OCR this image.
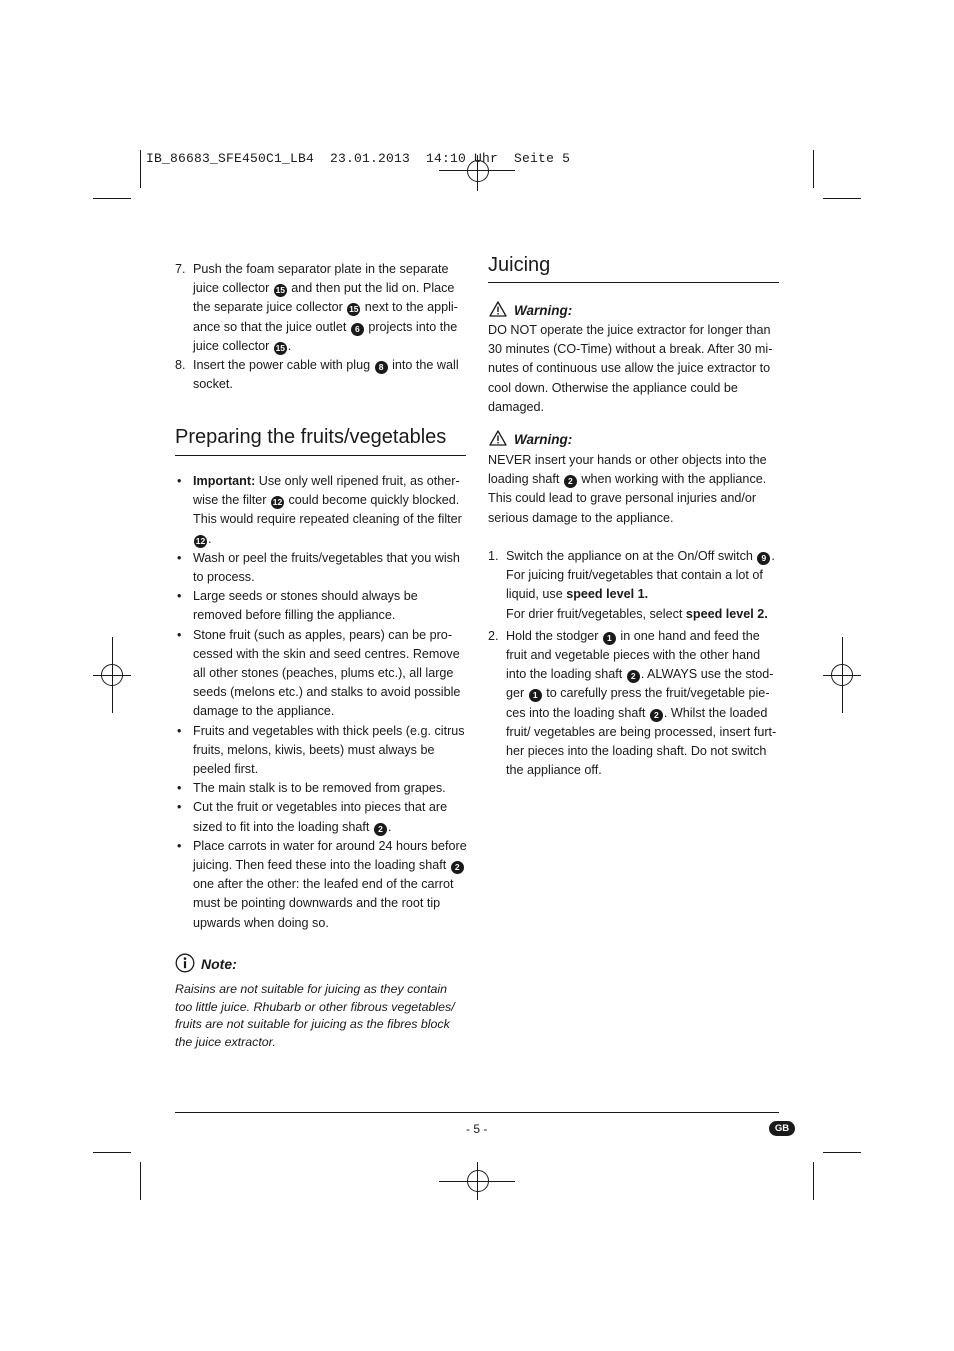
IB_86683_SFE450C1_LB4  23.01.2013  14:10 Uhr  Seite 5
7. Push the foam separator plate in the separate juice collector 15 and then put the lid on. Place the separate juice collector 15 next to the appli-ance so that the juice outlet 6 projects into the juice collector 15 .
8. Insert the power cable with plug 8 into the wall socket.
Preparing the fruits/vegetables
• Important: Use only well ripened fruit, as other-wise the filter 12 could become quickly blocked. This would require repeated cleaning of the filter 12 .
• Wash or peel the fruits/vegetables that you wish to process.
• Large seeds or stones should always be removed before filling the appliance.
• Stone fruit (such as apples, pears) can be pro-cessed with the skin and seed centres. Remove all other stones (peaches, plums etc.), all large seeds (melons etc.) and stalks to avoid possible damage to the appliance.
• Fruits and vegetables with thick peels (e.g. citrus fruits, melons, kiwis, beets) must always be peeled first.
• The main stalk is to be removed from grapes.
• Cut the fruit or vegetables into pieces that are sized to fit into the loading shaft 2 .
• Place carrots in water for around 24 hours before juicing. Then feed these into the loading shaft 2 one after the other: the leafed end of the carrot must be pointing downwards and the root tip upwards when doing so.
Note:
Raisins are not suitable for juicing as they contain too little juice. Rhubarb or other fibrous vegetables/ fruits are not suitable for juicing as the fibres block the juice extractor.
Juicing
Warning:

DO NOT operate the juice extractor for longer than 30 minutes (CO-Time) without a break. After 30 mi-nutes of continuous use allow the juice extractor to cool down. Otherwise the appliance could be damaged.

Warning:

NEVER insert your hands or other objects into the loading shaft 2 when working with the appliance. This could lead to grave personal injuries and/or serious damage to the appliance.

1. Switch the appliance on at the On/Off switch 9 . For juicing fruit/vegetables that contain a lot of liquid, use speed level 1.
For drier fruit/vegetables, select speed level 2.
2. Hold the stodger 1 in one hand and feed the fruit and vegetable pieces with the other hand into the loading shaft 2 . ALWAYS use the stod-ger 1 to carefully press the fruit/vegetable pie-ces into the loading shaft 2 . Whilst the loaded fruit/ vegetables are being processed, insert furt-her pieces into the loading shaft. Do not switch the appliance off.
- 5 -	GB
